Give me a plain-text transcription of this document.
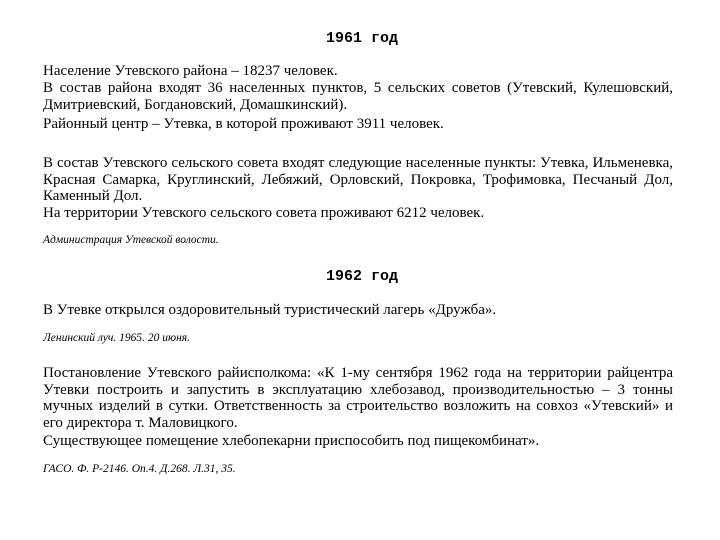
1961 год

Население Утевского района – 18237 человек.

В состав района входят 36 населенных пунктов, 5 сельских советов (Утевский, Кулешовский, Дмитриевский, Богдановский, Домашкинский).

Районный центр – Утевка, в которой проживают 3911 человек.

В состав Утевского сельского совета входят следующие населенные пункты: Утевка, Ильменевка, Красная Самарка, Круглинский, Лебяжий, Орловский, Покровка, Трофимовка, Песчаный Дол, Каменный Дол.

На территории Утевского сельского совета проживают 6212 человек.

Администрация Утевской волости.

1962 год

В Утевке открылся оздоровительный туристический лагерь «Дружба».

Ленинский луч. 1965. 20 июня.

Постановление Утевского райисполкома: «К 1-му сентября 1962 года на территории райцентра Утевки построить и запустить в эксплуатацию хлебозавод, производительностью – 3 тонны мучных изделий в сутки. Ответственность за строительство возложить на совхоз «Утевский» и его директора т. Маловицкого.

Существующее помещение хлебопекарни приспособить под пищекомбинат».

ГАСО. Ф. Р-2146. Оп.4. Д.268. Л.31, 35.
